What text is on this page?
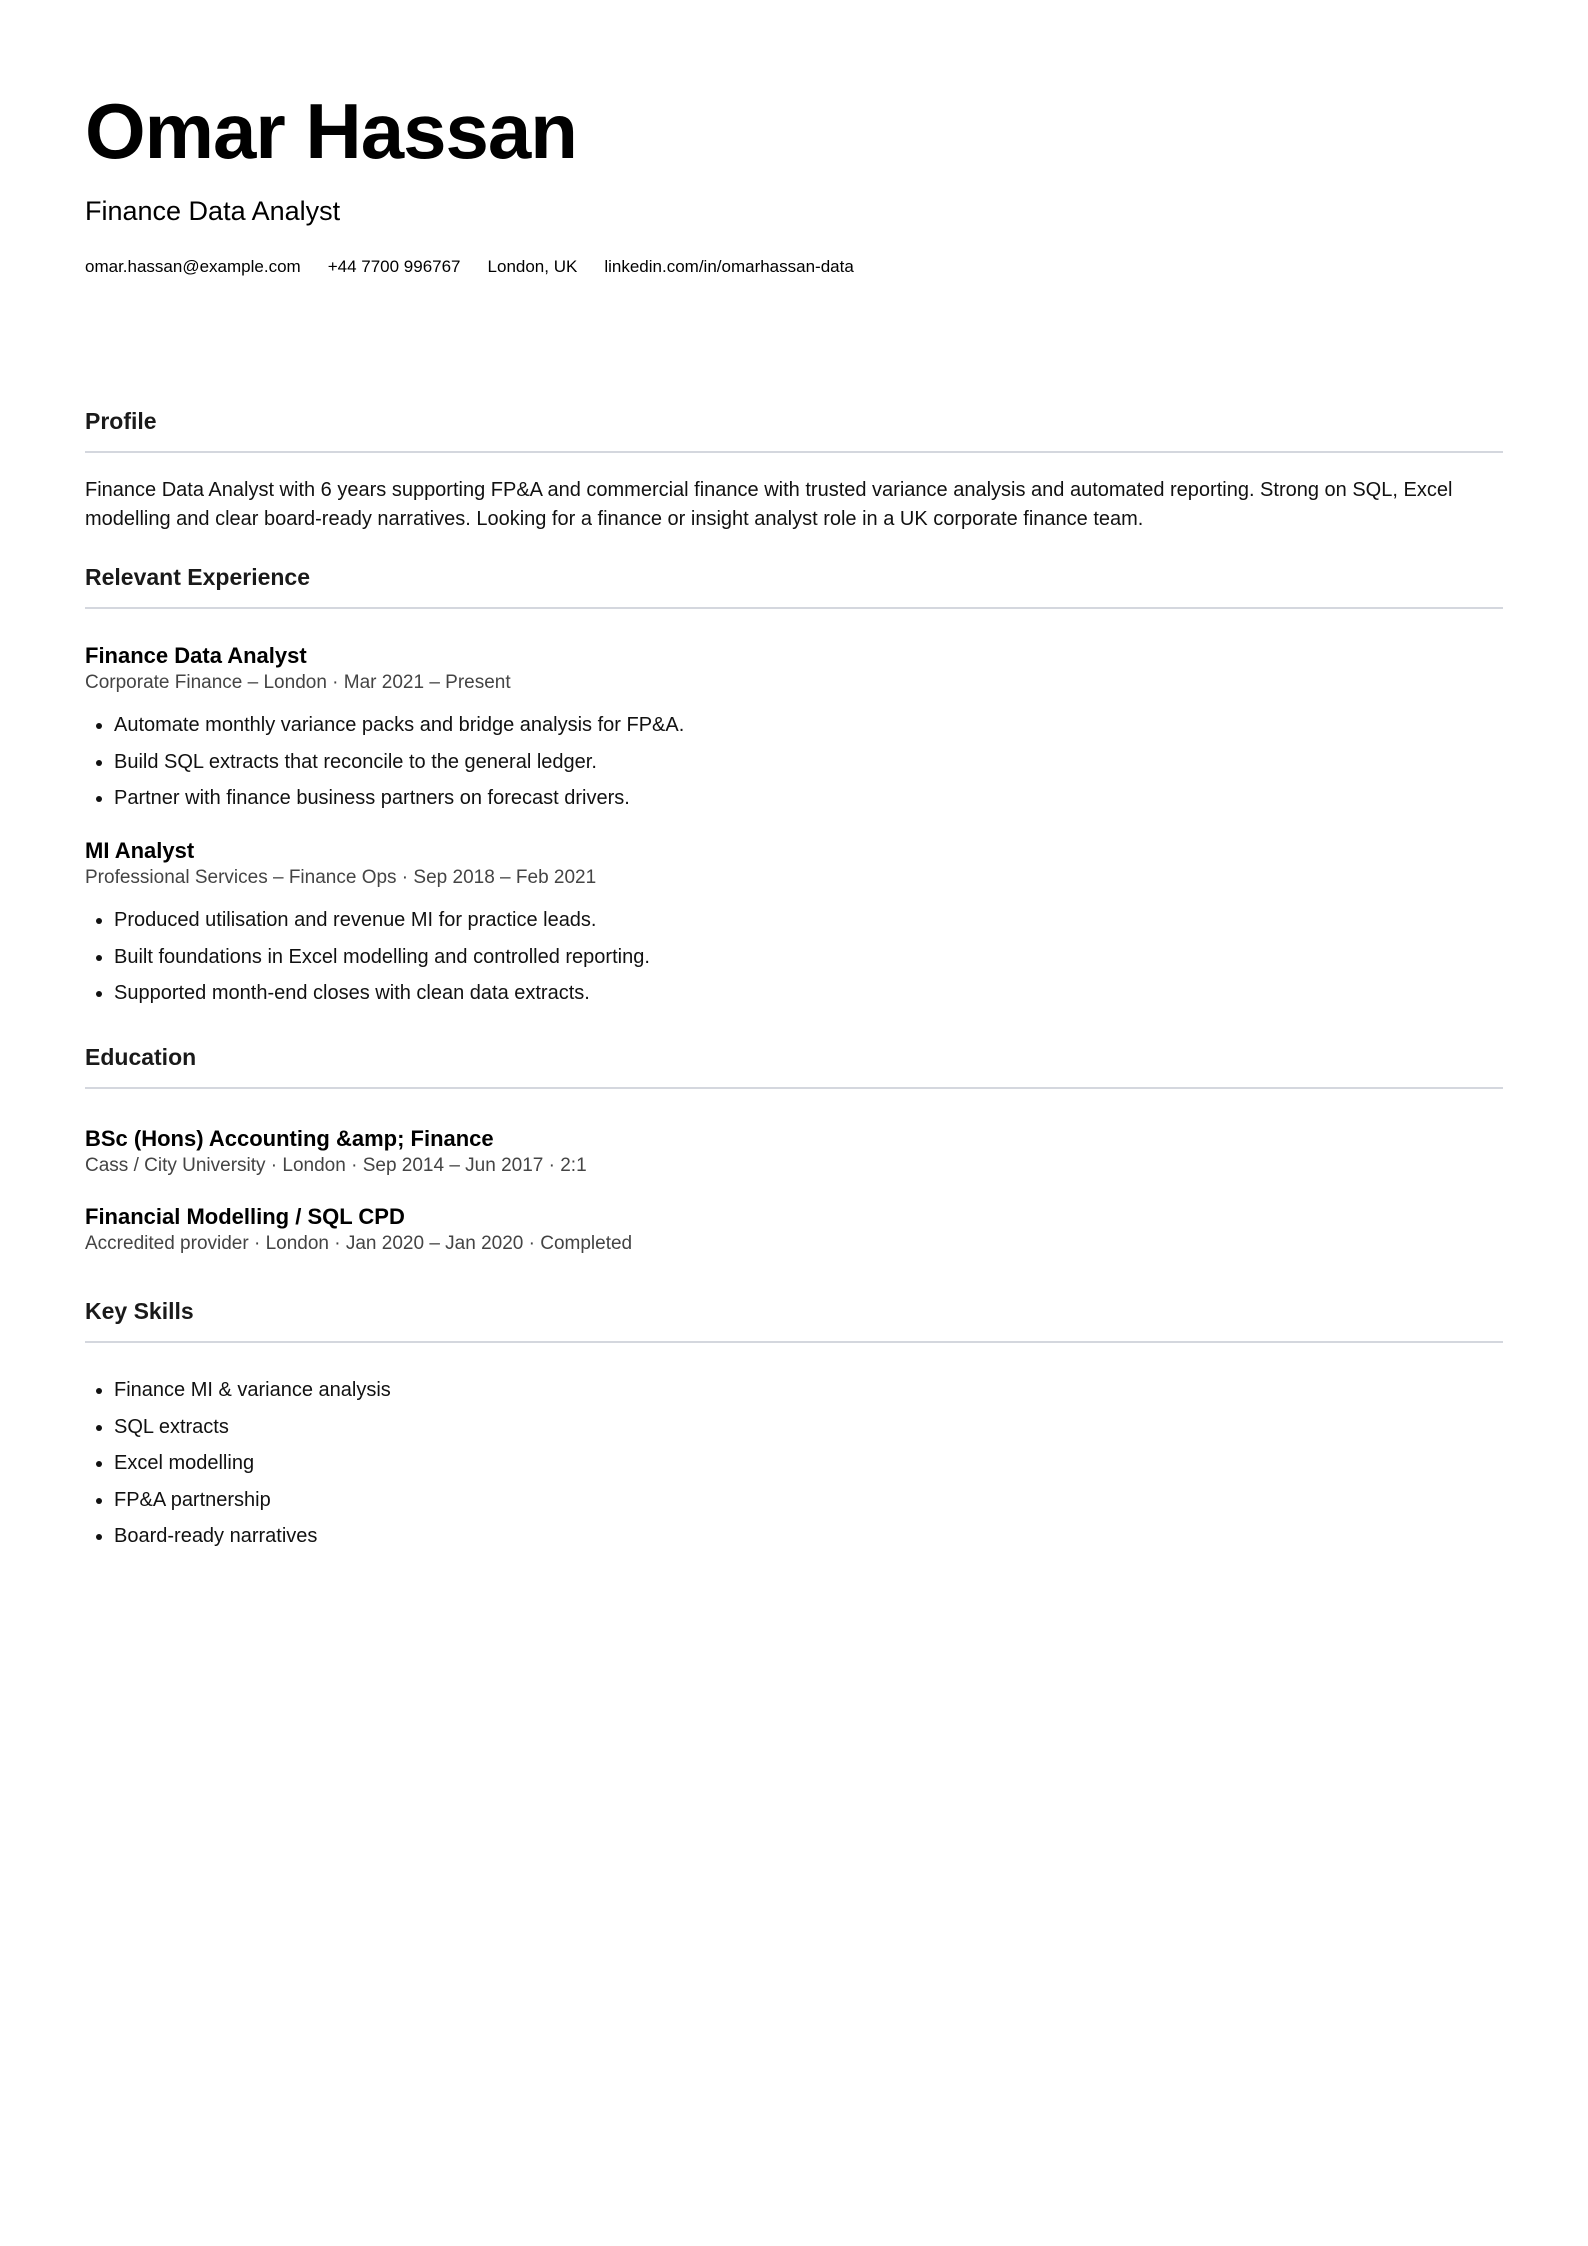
Omar Hassan
Finance Data Analyst
omar.hassan@example.com +44 7700 996767 London, UK linkedin.com/in/omarhassan-data
Profile

Finance Data Analyst with 6 years supporting FP&A and commercial finance with trusted variance analysis and automated reporting. Strong on SQL, Excel modelling and clear board-ready narratives. Looking for a finance or insight analyst role in a UK corporate finance team.

Relevant Experience

Finance Data Analyst

Corporate Finance – London · Mar 2021 – Present

• Automate monthly variance packs and bridge analysis for FP&A.
• Build SQL extracts that reconcile to the general ledger.
• Partner with finance business partners on forecast drivers.

MI Analyst

Professional Services – Finance Ops · Sep 2018 – Feb 2021

• Produced utilisation and revenue MI for practice leads.
• Built foundations in Excel modelling and controlled reporting.
• Supported month-end closes with clean data extracts.
Education

BSc (Hons) Accounting &amp; Finance

Cass / City University · London · Sep 2014 – Jun 2017 · 2:1

Financial Modelling / SQL CPD

Accredited provider · London · Jan 2020 – Jan 2020 · Completed

Key Skills
• Finance MI & variance analysis
• SQL extracts
• Excel modelling
• FP&A partnership
• Board-ready narratives
